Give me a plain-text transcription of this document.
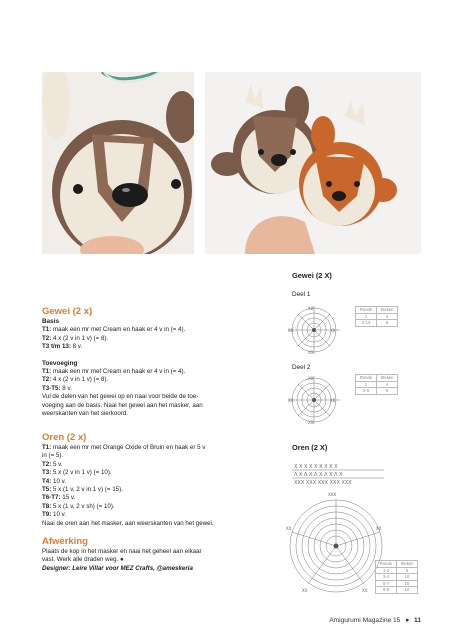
Gewei (2 x)
Basis
T1: maak een mr met Cream en haak er 4 v in (= 4).
T2: 4 x (2 v in 1 v) (= 8).
T3 t/m 13: 8 v.
Toevoeging
T1: maak een mr met Cream en haak er 4 v in (= 4).
T2: 4 x (2 v in 1 v) (= 8).
T3-T5: 8 v.
Vul de delen van het gewei op en naai voor beide de toe-
voeging aan de basis. Naai het gewei aan het masker, aan
weerskanten van het sierkoord.
Oren (2 x)
T1: maak een mr met Orange Oxide of Bruin en haak er 5 v
in (= 5).
T2: 5 v.
T3: 5 x (2 v in 1 v) (= 10).
T4: 10 v.
T5: 5 x (1 v, 2 v in 1 v) (= 15).
T6-T7: 15 v.
T8: 5 x (1 v, 2 v sh) (= 10).
T9: 10 v.
Naai de oren aan het masker, aan weerskanten van het gewei.
Afwerking
Plaats de kop in het masker en naai het geheel aan elkaar
vast. Werk alle draden weg. ●
Designer: Leire Villar voor MEZ Crafts, @ameskeria
Gewei (2 X)
Deel 1
XX
XX
XX	XX
Ronde	Steken
1	4
2-13	8
Deel 2
XX
XX
XX	XX
Ronde	Steken
1	4
2-5	8
Oren (2 X)
X X X X X X X X X
Λ X Λ X Λ X Λ X Λ X
XXX XXX XXX XXX XXX
XXX
XX
XX
XX
XX
Ronde	Steken
1-2	5
3-4	10
5-7	15
8-9	10
Amigurumi Magazine 15 ● 11
